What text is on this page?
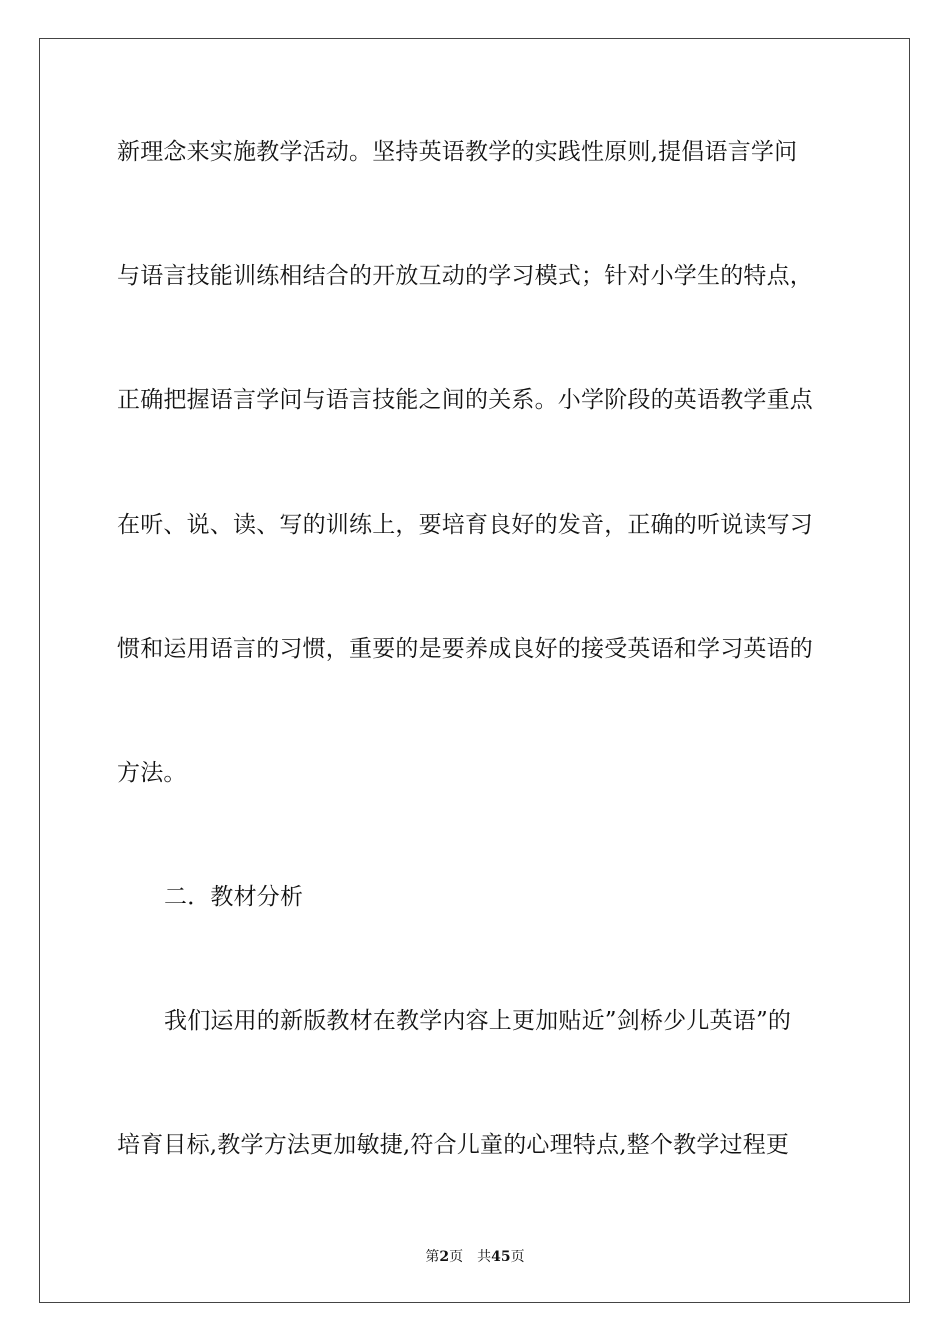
新理念来实施教学活动。坚持英语教学的实践性原则,提倡语言学问
与语言技能训练相结合的开放互动的学习模式；针对小学生的特点，
正确把握语言学问与语言技能之间的关系。小学阶段的英语教学重点
在听、说、读、写的训练上，要培育良好的发音，正确的听说读写习
惯和运用语言的习惯，重要的是要养成良好的接受英语和学习英语的
方法。
二．教材分析
我们运用的新版教材在教学内容上更加贴近”剑桥少儿英语”的
培育目标,教学方法更加敏捷,符合儿童的心理特点,整个教学过程更
第2页 共45页
